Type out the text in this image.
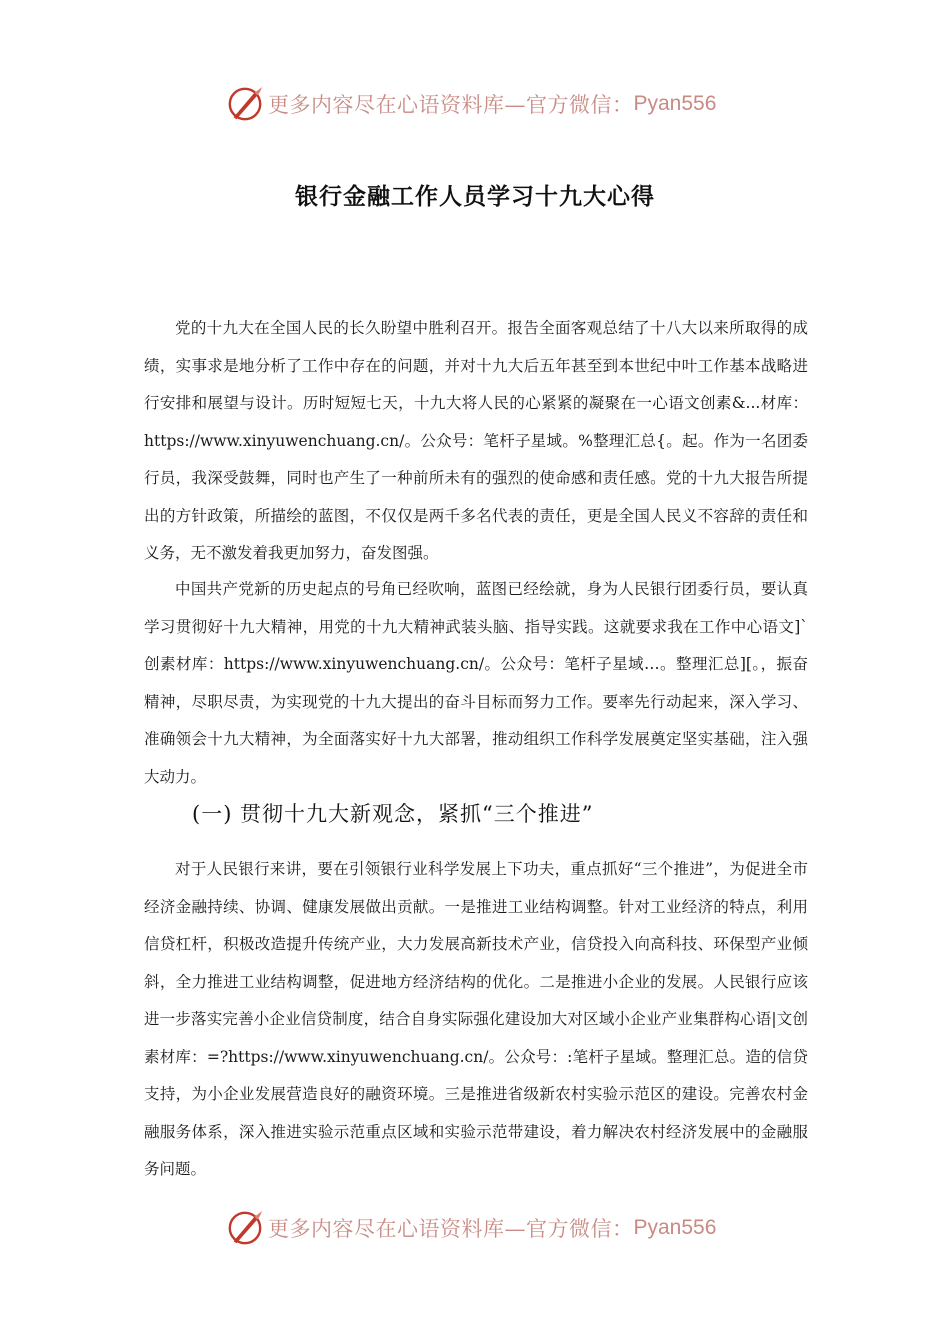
更多内容尽在心语资料库—官方微信： Pyan556
银行金融工作人员学习十九大心得

党的十九大在全国人民的长久盼望中胜利召开。报告全面客观总结了十八大以来所取得的成绩，实事求是地分析了工作中存在的问题，并对十九大后五年甚至到本世纪中叶工作基本战略进行安排和展望与设计。历时短短七天，十九大将人民的心紧紧的凝聚在一心语文创素&...材库：https://www.xinyuwenchuang.cn/。公众号：笔杆子星域。%整理汇总{。起。作为一名团委行员，我深受鼓舞，同时也产生了一种前所未有的强烈的使命感和责任感。党的十九大报告所提出的方针政策，所描绘的蓝图，不仅仅是两千多名代表的责任，更是全国人民义不容辞的责任和义务，无不激发着我更加努力，奋发图强。

中国共产党新的历史起点的号角已经吹响，蓝图已经绘就，身为人民银行团委行员，要认真学习贯彻好十九大精神，用党的十九大精神武装头脑、指导实践。这就要求我在工作中心语文]`创素材库：https://www.xinyuwenchuang.cn/。公众号：笔杆子星域…。整理汇总][。，振奋精神，尽职尽责，为实现党的十九大提出的奋斗目标而努力工作。要率先行动起来，深入学习、准确领会十九大精神，为全面落实好十九大部署，推动组织工作科学发展奠定坚实基础，注入强大动力。

(一) 贯彻十九大新观念，紧抓“三个推进”

对于人民银行来讲，要在引领银行业科学发展上下功夫，重点抓好“三个推进”，为促进全市经济金融持续、协调、健康发展做出贡献。一是推进工业结构调整。针对工业经济的特点，利用信贷杠杆，积极改造提升传统产业，大力发展高新技术产业，信贷投入向高科技、环保型产业倾斜，全力推进工业结构调整，促进地方经济结构的优化。二是推进小企业的发展。人民银行应该进一步落实完善小企业信贷制度，结合自身实际强化建设加大对区域小企业产业集群构心语|文创素材库：=?https://www.xinyuwenchuang.cn/。公众号：:笔杆子星域。整理汇总。造的信贷支持，为小企业发展营造良好的融资环境。三是推进省级新农村实验示范区的建设。完善农村金融服务体系，深入推进实验示范重点区域和实验示范带建设，着力解决农村经济发展中的金融服务问题。

更多内容尽在心语资料库—官方微信： Pyan556
